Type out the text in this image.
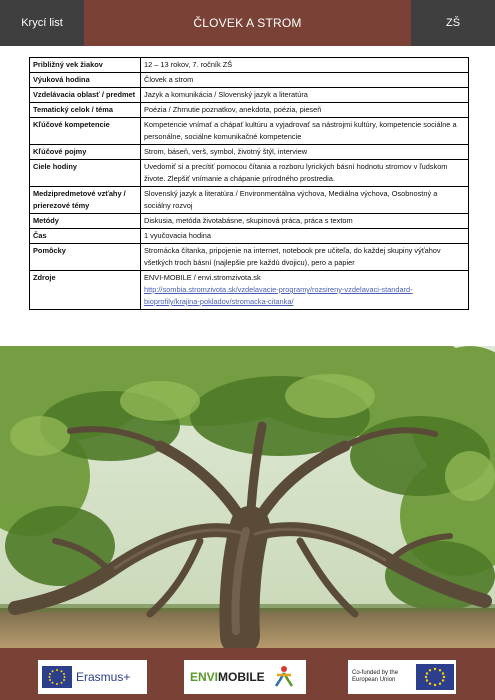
Krycí list	ČLOVEK A STROM	ZŠ
Približný vek žiakov	12 – 13 rokov, 7. ročník ZŠ
Výuková hodina	Človek a strom
Vzdelávacia oblasť / predmet	Jazyk a komunikácia / Slovenský jazyk a literatúra
Tematický celok / téma	Poézia / Zhrnutie poznatkov, anekdota, poézia, pieseň
Kľúčové kompetencie	Kompetencie vnímať a chápať kultúru a vyjadrovať sa nástrojmi kultúry, kompetencie sociálne a personálne, sociálne komunikačné kompetencie
Kľúčové pojmy	Strom, báseň, verš, symbol, životný štýl, interview
Ciele hodiny	Uvedomiť si a precítiť pomocou čítania a rozboru lyrických básní hodnotu stromov v ľudskom živote. Zlepšiť vnímanie a chápanie prírodného prostredia.
Medzipredmetové vzťahy / prierezové témy	Slovenský jazyk a literatúra / Environmentálna výchova, Mediálna výchova, Osobnostný a sociálny rozvoj
Metódy	Diskusia, metóda životabásne, skupinová práca, práca s textom
Čas	1 vyučovacia hodina
Pomôcky	Stromácka čítanka, pripojenie na internet, notebook pre učiteľa, do každej skupiny výťahov všetkých troch básní (najlepšie pre každú dvojicu), pero a papier
Zdroje	ENVI-MOBILE / envi.stromzivota.sk
http://sombia.stromzivota.sk/vzdelavacie-programy/rozsireny-vzdelavaci-standard-bioprofily/krajina-pokladov/stromacka-citanka/
Erasmus+	ENVI MOBILE	Co-funded by the European Union
